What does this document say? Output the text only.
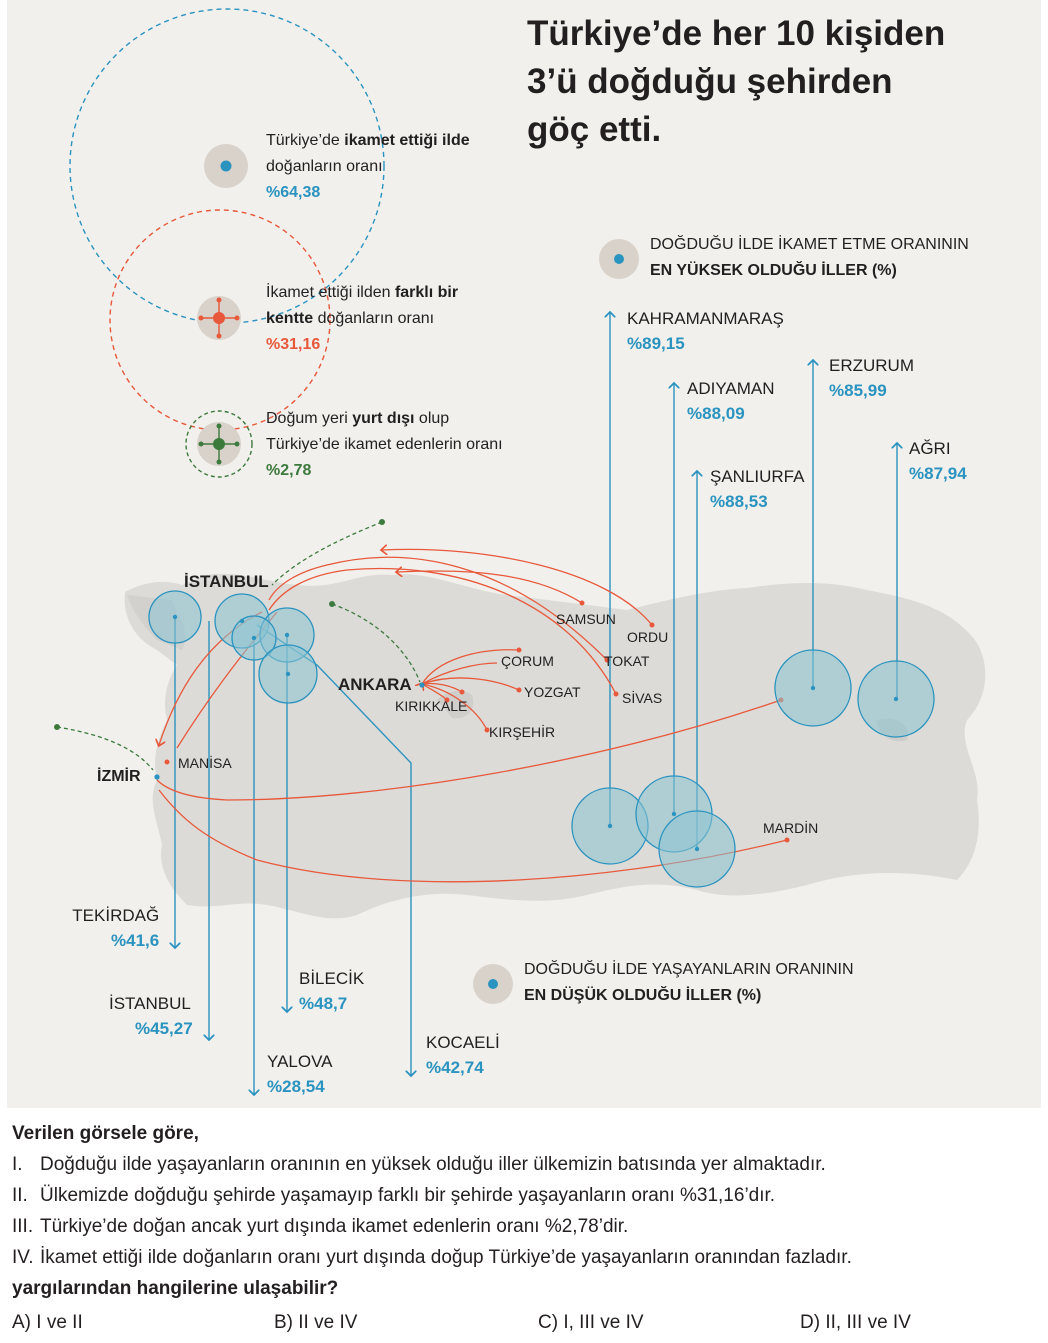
Türkiye’de her 10 kişiden
3’ü doğduğu şehirden
göç etti.
Türkiye’de ikamet ettiği ilde
doğanların oranı
%64,38
İkamet ettiği ilden farklı bir
kentte doğanların oranı
%31,16
Doğum yeri yurt dışı olup
Türkiye’de ikamet edenlerin oranı
%2,78
DOĞDUĞU İLDE İKAMET ETME ORANININ
EN YÜKSEK OLDUĞU İLLER (%)
KAHRAMANMARAŞ
%89,15
ADIYAMAN
%88,09
ŞANLIURFA
%88,53
ERZURUM
%85,99
AĞRI
%87,94
İSTANBUL
ANKARA
İZMİR
MANİSA
SAMSUN
ORDU
ÇORUM	TOKAT
YOZGAT	SİVAS
KIRIKKALE
KIRŞEHİR
MARDİN
DOĞDUĞU İLDE YAŞAYANLARIN ORANININ
EN DÜŞÜK OLDUĞU İLLER (%)
TEKİRDAĞ
%41,6
İSTANBUL
%45,27
BİLECİK
%48,7
YALOVA
%28,54
KOCAELİ
%42,74
Verilen görsele göre,
I. Doğduğu ilde yaşayanların oranının en yüksek olduğu iller ülkemizin batısında yer almaktadır.
II. Ülkemizde doğduğu şehirde yaşamayıp farklı bir şehirde yaşayanların oranı %31,16’dır.
III. Türkiye’de doğan ancak yurt dışında ikamet edenlerin oranı %2,78’dir.
IV. İkamet ettiği ilde doğanların oranı yurt dışında doğup Türkiye’de yaşayanların oranından fazladır.
yargılarından hangilerine ulaşabilir?
A) I ve II	B) II ve IV	C) I, III ve IV	D) II, III ve IV
